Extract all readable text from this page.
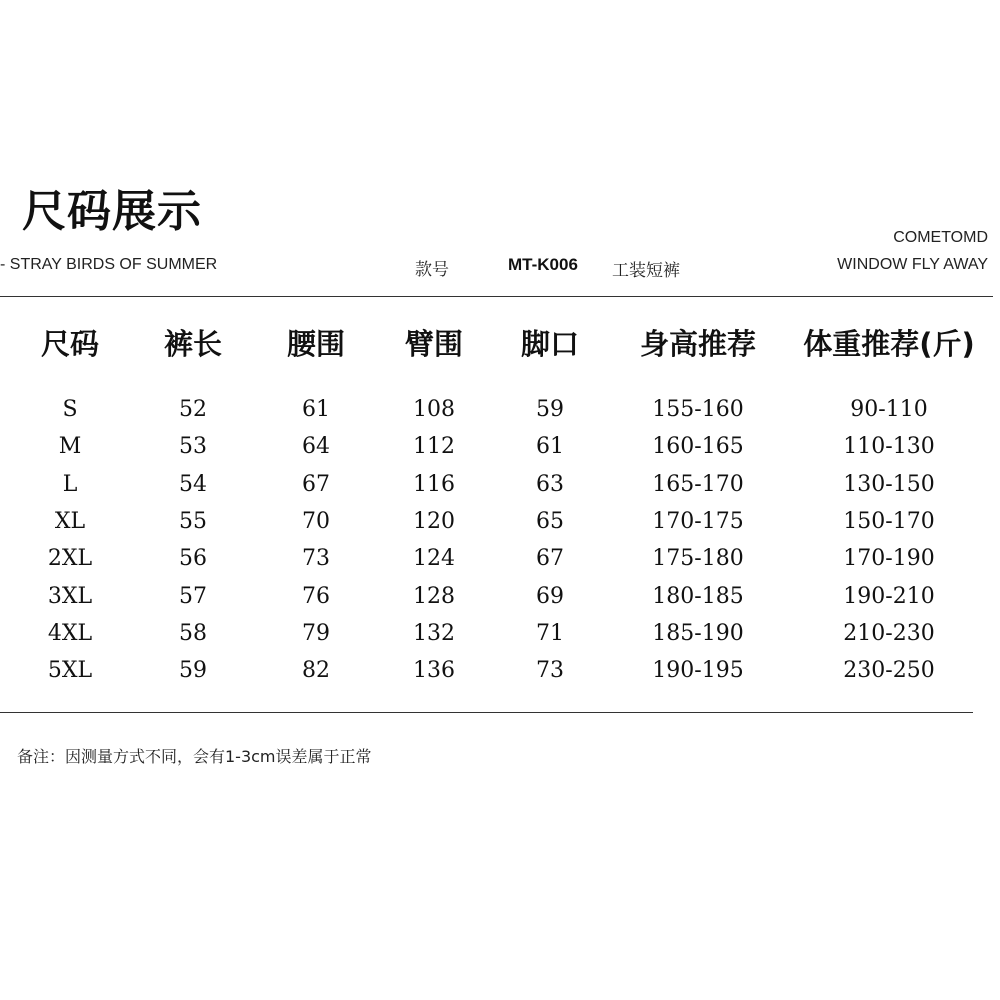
尺码展示
- STRAY BIRDS OF SUMMER	款号	MT-K006 工装短裤
COMETOMD
WINDOW FLY AWAY
尺码	裤长	腰围	臂围	脚口	身高推荐	体重推荐(斤)

S	52	61	108	59	155-160	90-110
M	53	64	112	61	160-165	110-130
L	54	67	116	63	165-170	130-150
XL	55	70	120	65	170-175	150-170
2XL	56	73	124	67	175-180	170-190
3XL	57	76	128	69	180-185	190-210
4XL	58	79	132	71	185-190	210-230
5XL	59	82	136	73	190-195	230-250
备注：因测量方式不同，会有1-3cm误差属于正常
